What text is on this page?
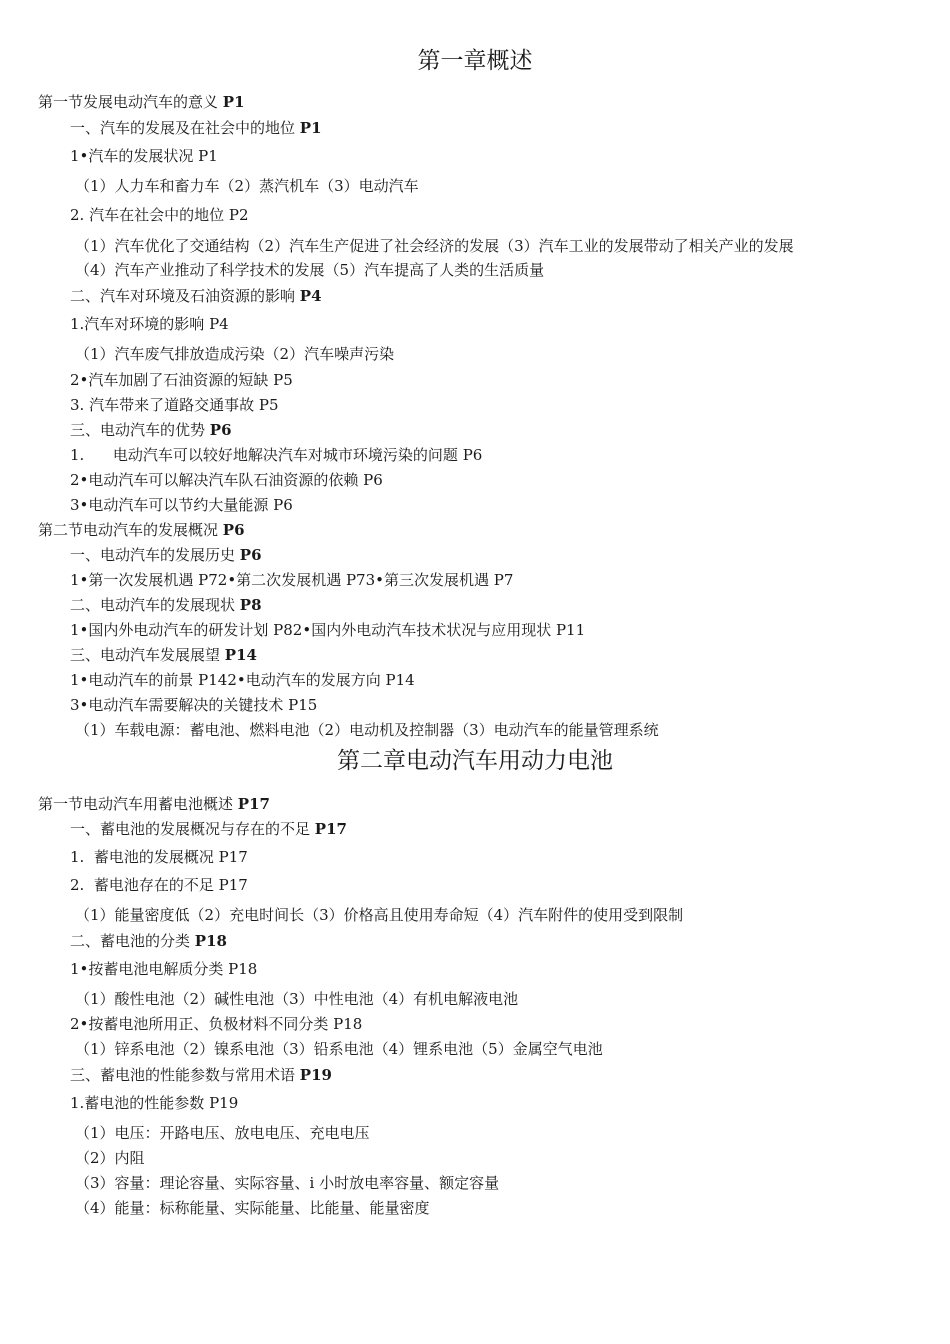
第一章概述
第一节发展电动汽车的意义 P1
一、汽车的发展及在社会中的地位 P1
1•汽车的发展状况 P1
（1）人力车和畜力车（2）蒸汽机车（3）电动汽车
2. 汽车在社会中的地位 P2
（1）汽车优化了交通结构（2）汽车生产促进了社会经济的发展（3）汽车工业的发展带动了相关产业的发展
（4）汽车产业推动了科学技术的发展（5）汽车提高了人类的生活质量
二、汽车对环境及石油资源的影响 P4
1.汽车对环境的影响 P4
（1）汽车废气排放造成污染（2）汽车噪声污染
2•汽车加剧了石油资源的短缺 P5
3. 汽车带来了道路交通事故 P5
三、电动汽车的优势 P6
1.      电动汽车可以较好地解决汽车对城市环境污染的问题 P6
2•电动汽车可以解决汽车队石油资源的依赖 P6
3•电动汽车可以节约大量能源 P6
第二节电动汽车的发展概况 P6
一、电动汽车的发展历史 P6
1•第一次发展机遇 P72•第二次发展机遇 P73•第三次发展机遇 P7
二、电动汽车的发展现状 P8
1•国内外电动汽车的研发计划 P82•国内外电动汽车技术状况与应用现状 P11
三、电动汽车发展展望 P14
1•电动汽车的前景 P142•电动汽车的发展方向 P14
3•电动汽车需要解决的关键技术 P15
（1）车载电源：蓄电池、燃料电池（2）电动机及控制器（3）电动汽车的能量管理系统
第二章电动汽车用动力电池
第一节电动汽车用蓄电池概述 P17
一、蓄电池的发展概况与存在的不足 P17
1.  蓄电池的发展概况 P17
2.  蓄电池存在的不足 P17
（1）能量密度低（2）充电时间长（3）价格高且使用寿命短（4）汽车附件的使用受到限制
二、蓄电池的分类 P18
1•按蓄电池电解质分类 P18
（1）酸性电池（2）碱性电池（3）中性电池（4）有机电解液电池
2•按蓄电池所用正、负极材料不同分类 P18
（1）锌系电池（2）镍系电池（3）铅系电池（4）锂系电池（5）金属空气电池
三、蓄电池的性能参数与常用术语 P19
1.蓄电池的性能参数 P19
（1）电压：开路电压、放电电压、充电电压
（2）内阻
（3）容量：理论容量、实际容量、i 小时放电率容量、额定容量
（4）能量：标称能量、实际能量、比能量、能量密度
